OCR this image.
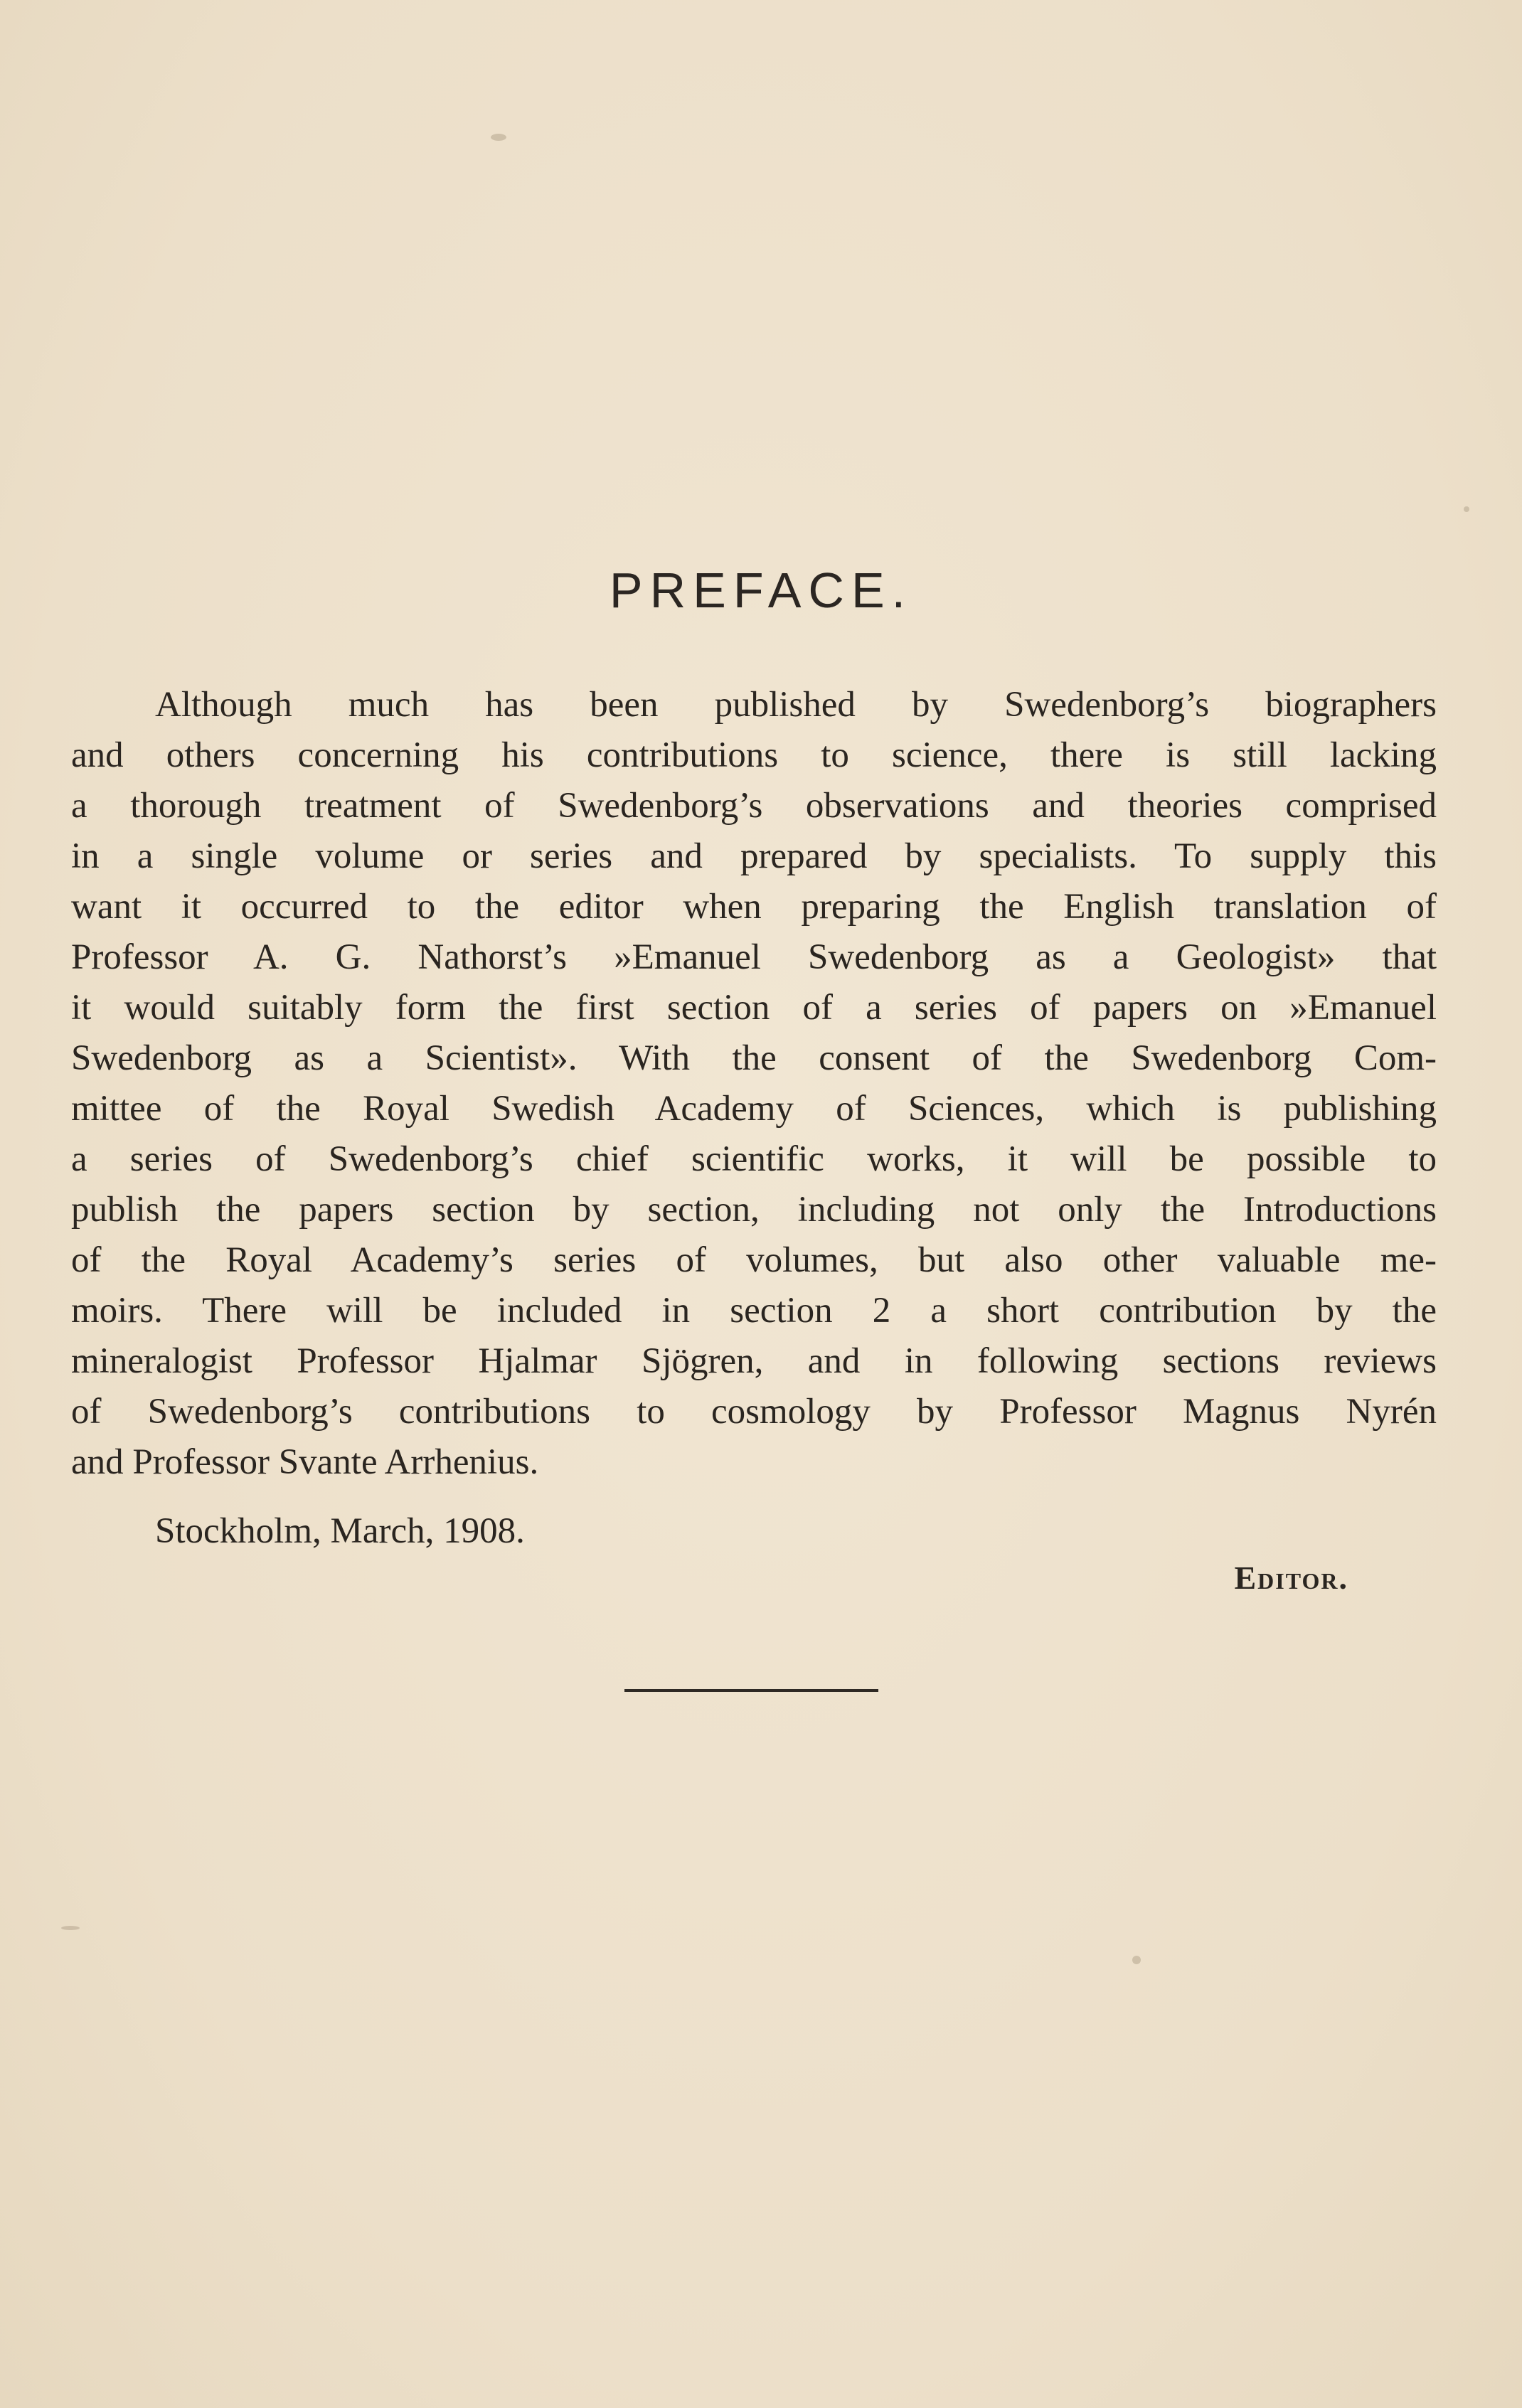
PREFACE.
Although much has been published by Swedenborg’s biographers
and others concerning his contributions to science, there is still lacking
a thorough treatment of Swedenborg’s observations and theories comprised
in a single volume or series and prepared by specialists. To supply this
want it occurred to the editor when preparing the English translation of
Professor A. G. Nathorst’s »Emanuel Swedenborg as a Geologist» that
it would suitably form the first section of a series of papers on »Emanuel
Swedenborg as a Scientist». With the consent of the Swedenborg Com-
mittee of the Royal Swedish Academy of Sciences, which is publishing
a series of Swedenborg’s chief scientific works, it will be possible to
publish the papers section by section, including not only the Introductions
of the Royal Academy’s series of volumes, but also other valuable me-
moirs. There will be included in section 2 a short contribution by the
mineralogist Professor Hjalmar Sjögren, and in following sections reviews
of Swedenborg’s contributions to cosmology by Professor Magnus Nyrén
and Professor Svante Arrhenius.
Stockholm, March, 1908.
Editor.
